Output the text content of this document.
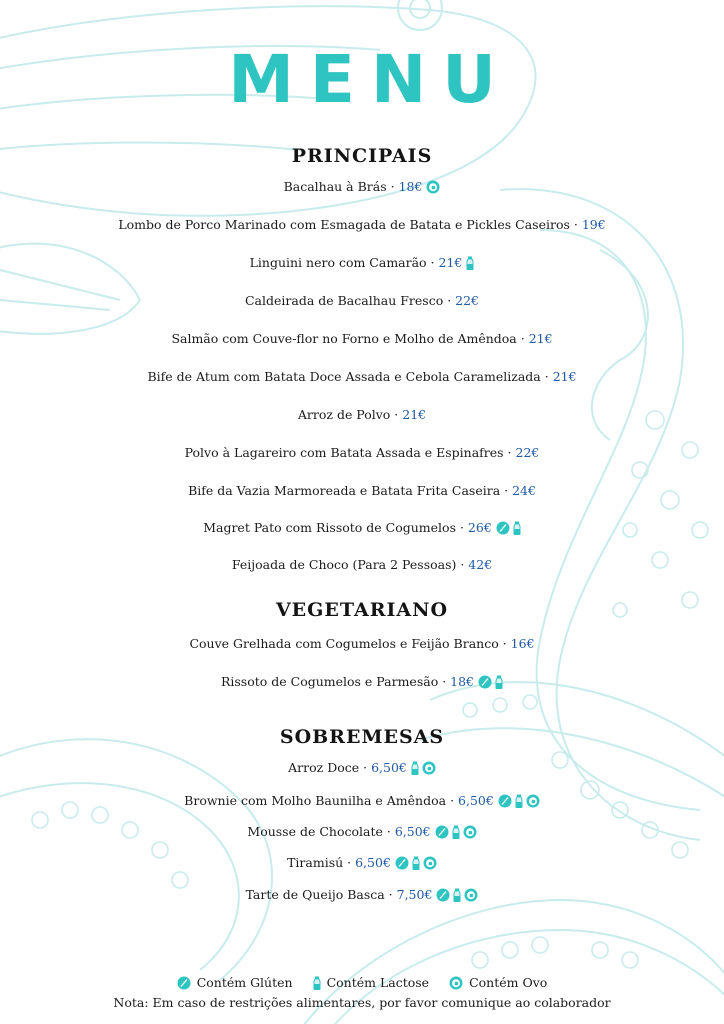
MENU
PRINCIPAIS
VEGETARIANO
SOBREMESAS
Bacalhau à Brás · 18€
Lombo de Porco Marinado com Esmagada de Batata e Pickles Caseiros · 19€
Linguini nero com Camarão · 21€
Caldeirada de Bacalhau Fresco · 22€
Salmão com Couve-flor no Forno e Molho de Amêndoa · 21€
Bife de Atum com Batata Doce Assada e Cebola Caramelizada · 21€
Arroz de Polvo · 21€
Polvo à Lagareiro com Batata Assada e Espinafres · 22€
Bife da Vazia Marmoreada e Batata Frita Caseira · 24€
Magret Pato com Rissoto de Cogumelos · 26€
Feijoada de Choco (Para 2 Pessoas) · 42€
Couve Grelhada com Cogumelos e Feijão Branco · 16€
Rissoto de Cogumelos e Parmesão · 18€
Arroz Doce · 6,50€
Brownie com Molho Baunilha e Amêndoa · 6,50€
Mousse de Chocolate · 6,50€
Tiramisú · 6,50€
Tarte de Queijo Basca · 7,50€
Contém Glúten
	Contém Lactose
	Contém Ovo
Nota: Em caso de restrições alimentares, por favor comunique ao colaborador
